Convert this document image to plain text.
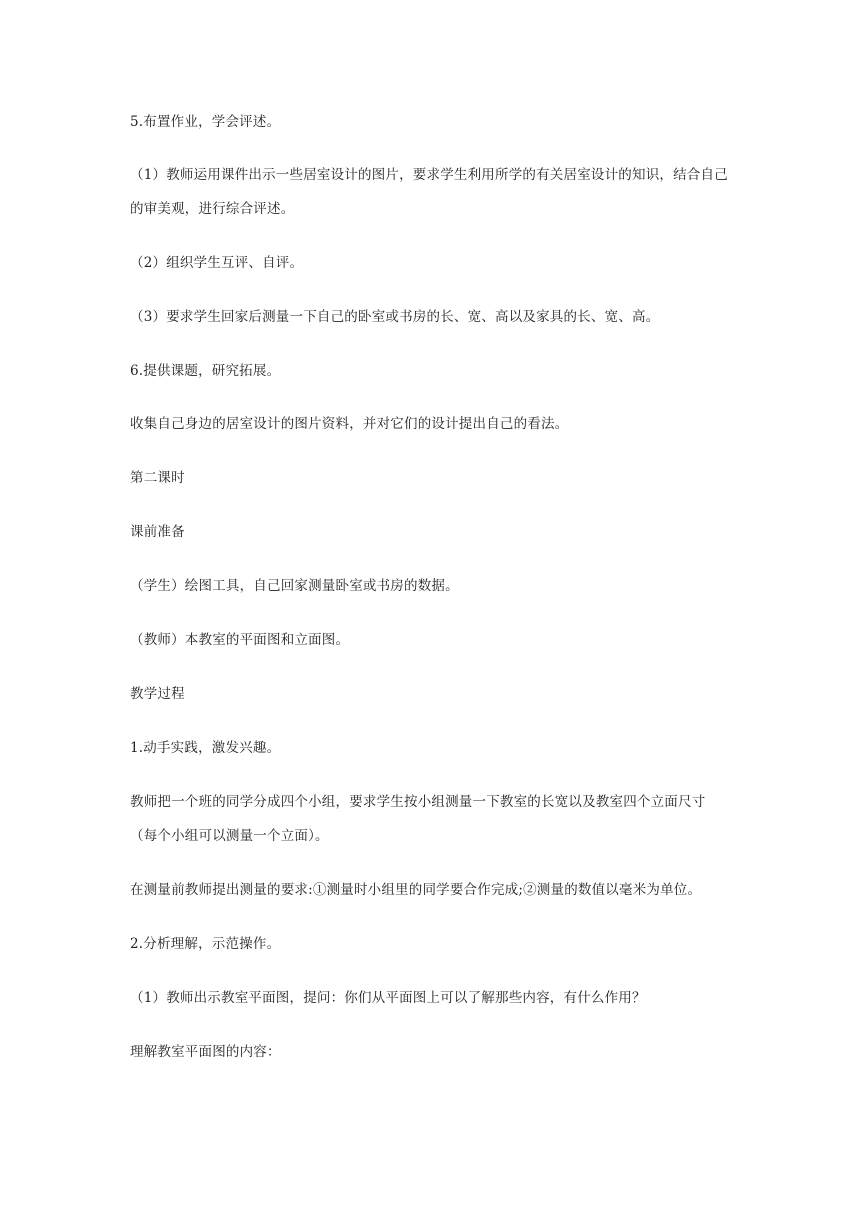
5.布置作业，学会评述。

（1）教师运用课件出示一些居室设计的图片，要求学生利用所学的有关居室设计的知识，结合自己的审美观，进行综合评述。

（2）组织学生互评、自评。

（3）要求学生回家后测量一下自己的卧室或书房的长、宽、高以及家具的长、宽、高。

6.提供课题，研究拓展。

收集自己身边的居室设计的图片资料，并对它们的设计提出自己的看法。

第二课时

课前准备

（学生）绘图工具，自己回家测量卧室或书房的数据。

（教师）本教室的平面图和立面图。

教学过程

1.动手实践，激发兴趣。

教师把一个班的同学分成四个小组，要求学生按小组测量一下教室的长宽以及教室四个立面尺寸（每个小组可以测量一个立面）。

在测量前教师提出测量的要求:①测量时小组里的同学要合作完成;②测量的数值以毫米为单位。

2.分析理解，示范操作。

（1）教师出示教室平面图，提问：你们从平面图上可以了解那些内容，有什么作用？

理解教室平面图的内容：
